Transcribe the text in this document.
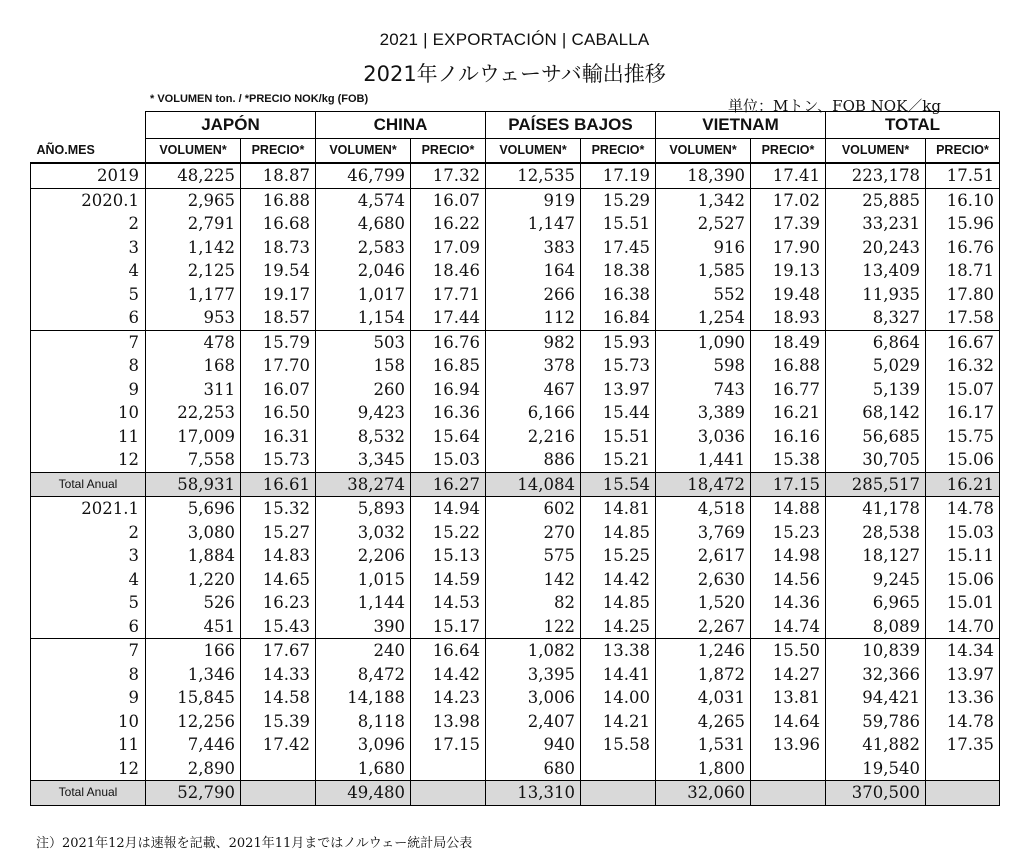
2021 | EXPORTACIÓN | CABALLA
2021年ノルウェーサバ輸出推移
* VOLUMEN ton. / *PRECIO NOK/kg (FOB)	単位：Mトン、FOB NOK／kg
	JAPÓN		CHINA		PAÍSES BAJOS		VIETNAM		TOTAL	
AÑO.MES	VOLUMEN*	PRECIO*	VOLUMEN*	PRECIO*	VOLUMEN*	PRECIO*	VOLUMEN*	PRECIO*	VOLUMEN*	PRECIO*
2019	48,225	18.87	46,799	17.32	12,535	17.19	18,390	17.41	223,178	17.51
2020.1	2,965	16.88	4,574	16.07	919	15.29	1,342	17.02	25,885	16.10
2	2,791	16.68	4,680	16.22	1,147	15.51	2,527	17.39	33,231	15.96
3	1,142	18.73	2,583	17.09	383	17.45	916	17.90	20,243	16.76
4	2,125	19.54	2,046	18.46	164	18.38	1,585	19.13	13,409	18.71
5	1,177	19.17	1,017	17.71	266	16.38	552	19.48	11,935	17.80
6	953	18.57	1,154	17.44	112	16.84	1,254	18.93	8,327	17.58
7	478	15.79	503	16.76	982	15.93	1,090	18.49	6,864	16.67
8	168	17.70	158	16.85	378	15.73	598	16.88	5,029	16.32
9	311	16.07	260	16.94	467	13.97	743	16.77	5,139	15.07
10	22,253	16.50	9,423	16.36	6,166	15.44	3,389	16.21	68,142	16.17
11	17,009	16.31	8,532	15.64	2,216	15.51	3,036	16.16	56,685	15.75
12	7,558	15.73	3,345	15.03	886	15.21	1,441	15.38	30,705	15.06
Total Anual	58,931	16.61	38,274	16.27	14,084	15.54	18,472	17.15	285,517	16.21
2021.1	5,696	15.32	5,893	14.94	602	14.81	4,518	14.88	41,178	14.78
2	3,080	15.27	3,032	15.22	270	14.85	3,769	15.23	28,538	15.03
3	1,884	14.83	2,206	15.13	575	15.25	2,617	14.98	18,127	15.11
4	1,220	14.65	1,015	14.59	142	14.42	2,630	14.56	9,245	15.06
5	526	16.23	1,144	14.53	82	14.85	1,520	14.36	6,965	15.01
6	451	15.43	390	15.17	122	14.25	2,267	14.74	8,089	14.70
7	166	17.67	240	16.64	1,082	13.38	1,246	15.50	10,839	14.34
8	1,346	14.33	8,472	14.42	3,395	14.41	1,872	14.27	32,366	13.97
9	15,845	14.58	14,188	14.23	3,006	14.00	4,031	13.81	94,421	13.36
10	12,256	15.39	8,118	13.98	2,407	14.21	4,265	14.64	59,786	14.78
11	7,446	17.42	3,096	17.15	940	15.58	1,531	13.96	41,882	17.35
12	2,890		1,680		680		1,800		19,540	
Total Anual	52,790		49,480		13,310		32,060		370,500	
注）2021年12月は速報を記載、2021年11月まではノルウェー統計局公表
